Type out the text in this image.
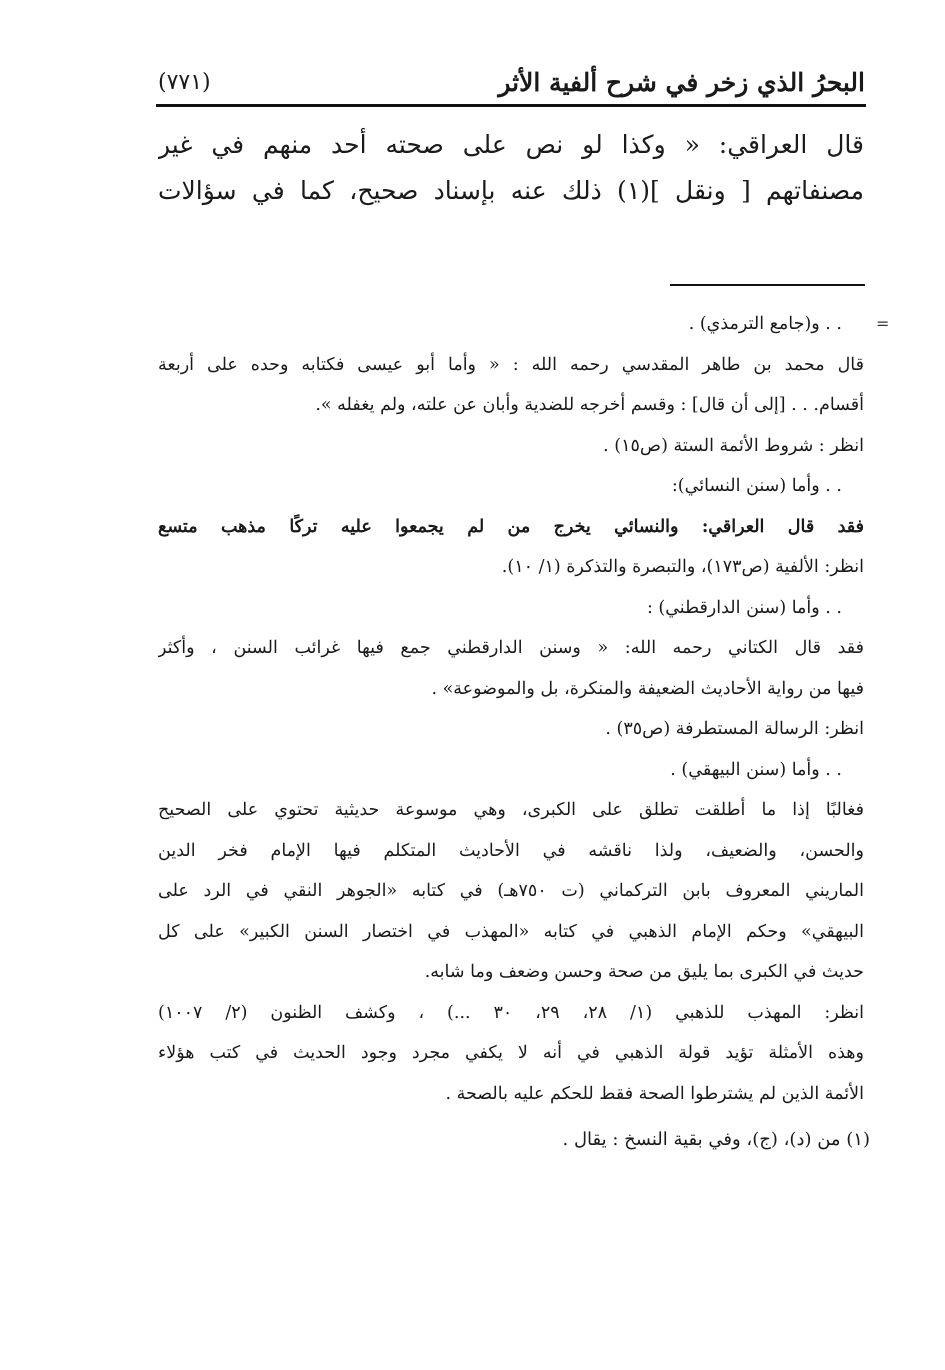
البحرُ الذي زخر في شرح ألفية الأثر
(٧٧١)
قال العراقي: « وكذا لو نص على صحته أحد منهم في غير
مصنفاتهم [ ونقل ](١) ذلك عنه بإسناد صحيح، كما في سؤالات
=
. . و(جامع الترمذي) .
قال محمد بن طاهر المقدسي رحمه الله : « وأما أبو عيسى فكتابه وحده على أربعة
أقسام. . . [إلى أن قال] : وقسم أخرجه للضدية وأبان عن علته، ولم يغفله ».
انظر : شروط الأئمة الستة (ص١٥) .
. . وأما (سنن النسائي):
فقد قال العراقي: والنسائي يخرج من لم يجمعوا عليه تركًا مذهب متسع
انظر: الألفية (ص١٧٣)، والتبصرة والتذكرة (١/ ١٠).
. . وأما (سنن الدارقطني) :
فقد قال الكتاني رحمه الله: « وسنن الدارقطني جمع فيها غرائب السنن ، وأكثر
فيها من رواية الأحاديث الضعيفة والمنكرة، بل والموضوعة» .
انظر: الرسالة المستطرفة (ص٣٥) .
. . وأما (سنن البيهقي) .
فغالبًا إذا ما أطلقت تطلق على الكبرى، وهي موسوعة حديثية تحتوي على الصحيح
والحسن، والضعيف، ولذا ناقشه في الأحاديث المتكلم فيها الإمام فخر الدين
الماريني المعروف بابن التركماني (ت ٧٥٠هـ) في كتابه «الجوهر النقي في الرد على
البيهقي» وحكم الإمام الذهبي في كتابه «المهذب في اختصار السنن الكبير» على كل
حديث في الكبرى بما يليق من صحة وحسن وضعف وما شابه.
انظر: المهذب للذهبي (١/ ٢٨، ٢٩، ٣٠ ...) ، وكشف الظنون (٢/ ١٠٠٧)
وهذه الأمثلة تؤيد قولة الذهبي في أنه لا يكفي مجرد وجود الحديث في كتب هؤلاء
الأئمة الذين لم يشترطوا الصحة فقط للحكم عليه بالصحة .
(١) من (د)، (ج)، وفي بقية النسخ : يقال .
